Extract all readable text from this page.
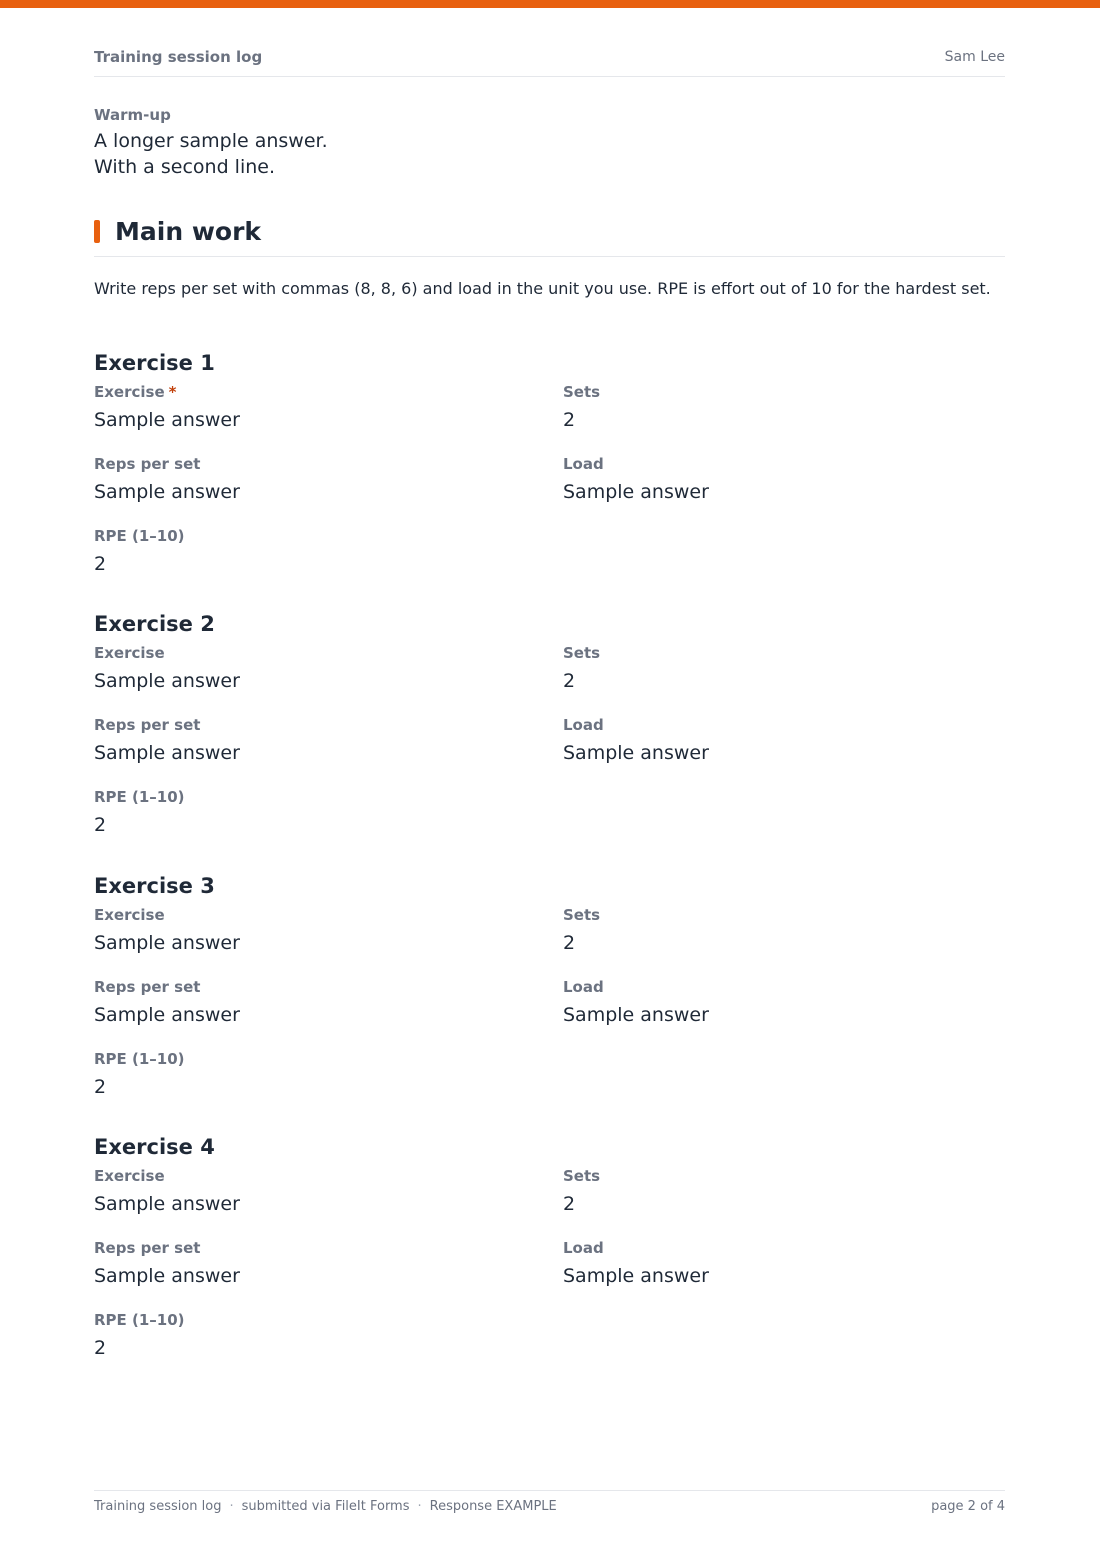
Training session log	Sam Lee
Warm-up
A longer sample answer.
With a second line.
Main work
Write reps per set with commas (8, 8, 6) and load in the unit you use. RPE is effort out of 10 for the hardest set.
Exercise 1
Exercise *
Sample answer
Sets
2
Reps per set
Sample answer
Load
Sample answer
RPE (1–10)
2
Exercise 2
Exercise
Sample answer
Sets
2
Reps per set
Sample answer
Load
Sample answer
RPE (1–10)
2
Exercise 3
Exercise
Sample answer
Sets
2
Reps per set
Sample answer
Load
Sample answer
RPE (1–10)
2
Exercise 4
Exercise
Sample answer
Sets
2
Reps per set
Sample answer
Load
Sample answer
RPE (1–10)
2
Training session log · submitted via FileIt Forms · Response EXAMPLE	page 2 of 4
